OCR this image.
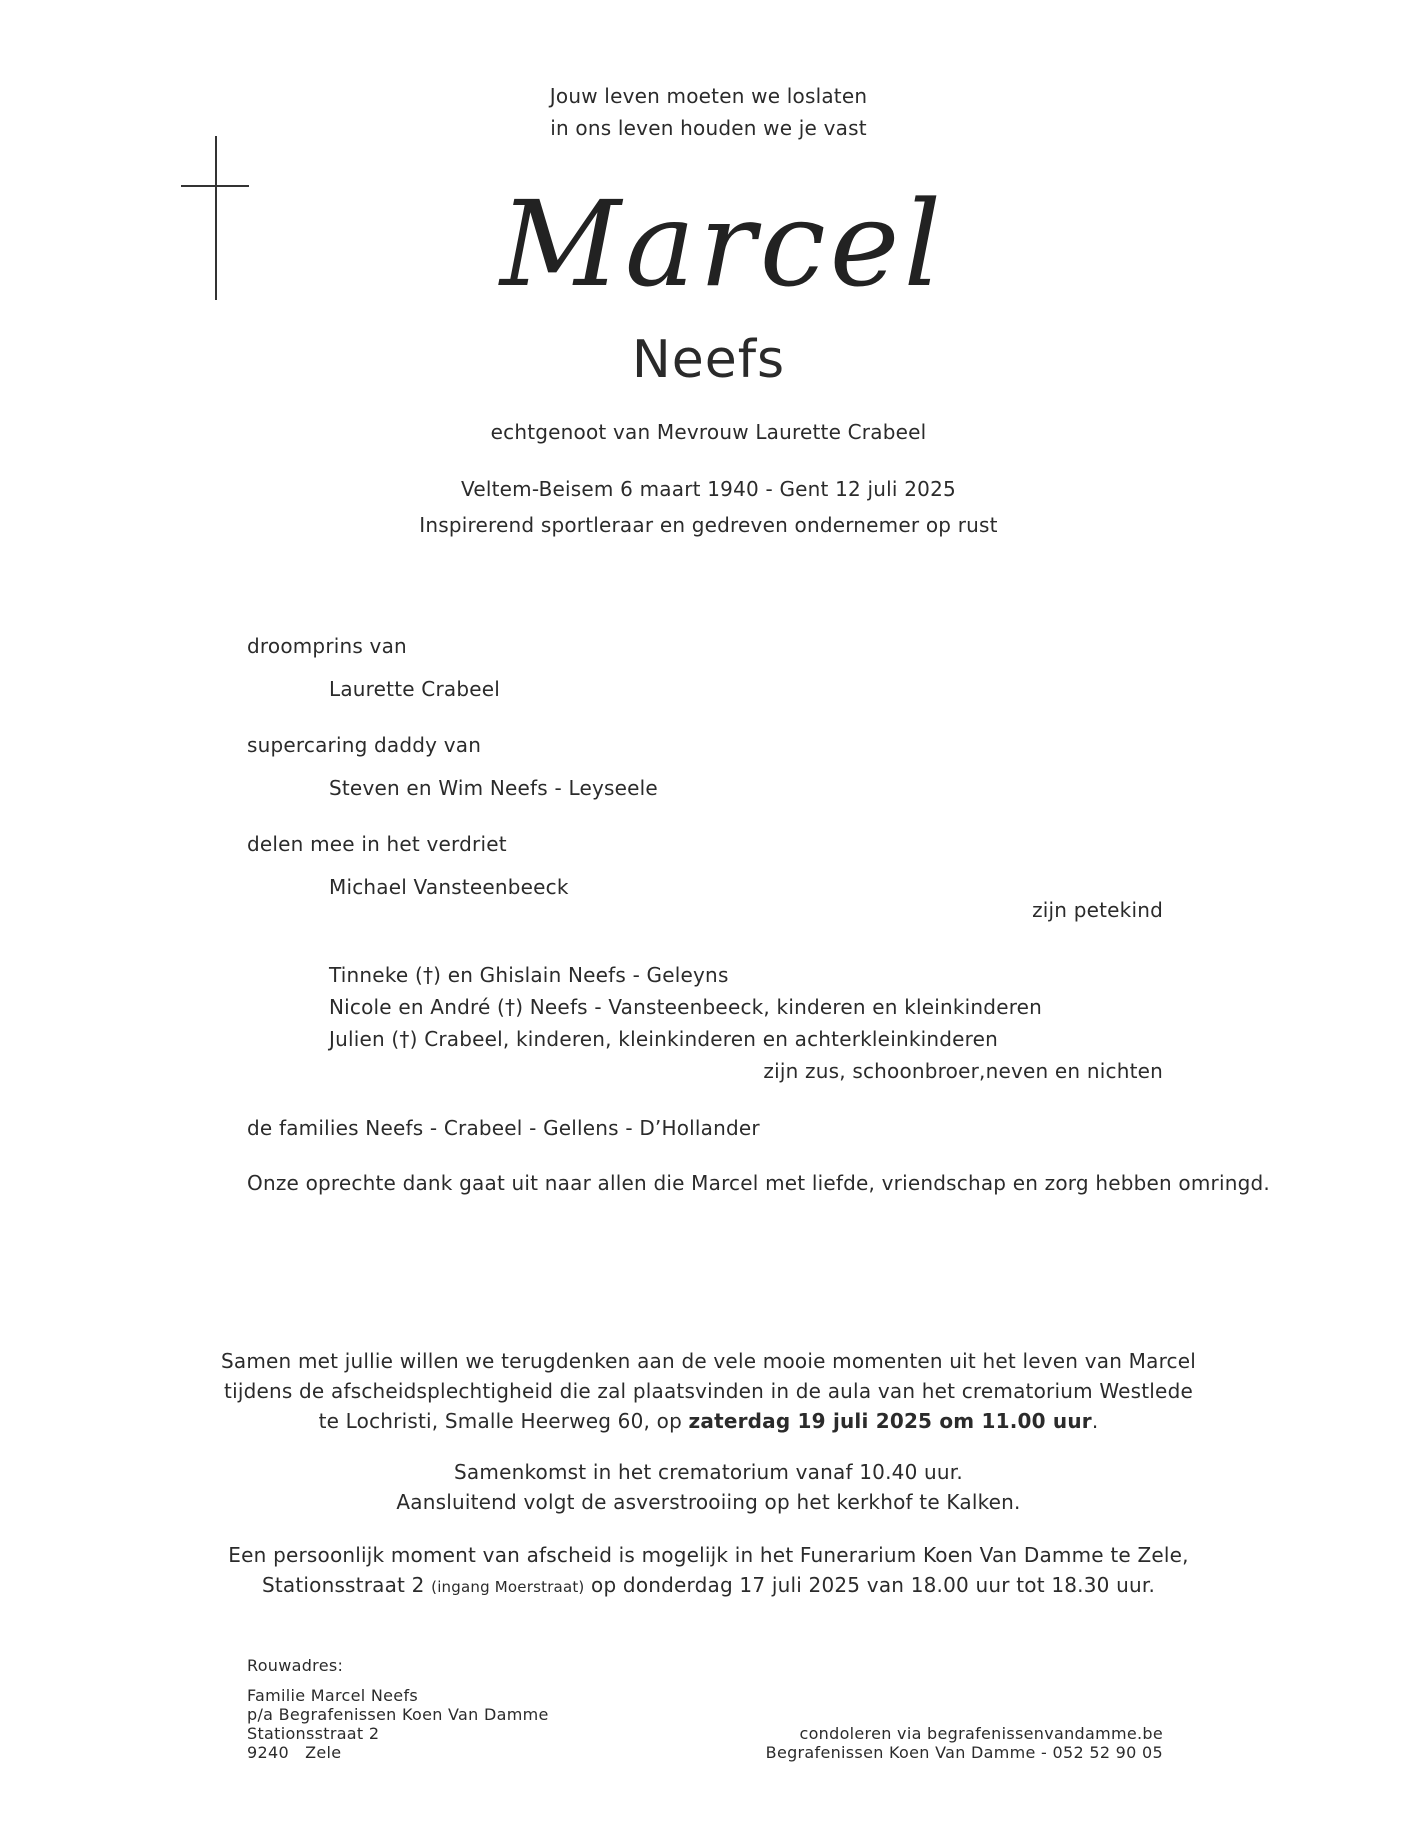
Jouw leven moeten we loslaten
in ons leven houden we je vast
Marcel
Neefs
echtgenoot van Mevrouw Laurette Crabeel
Veltem-Beisem 6 maart 1940 - Gent 12 juli 2025
Inspirerend sportleraar en gedreven ondernemer op rust
droomprins van
Laurette Crabeel
supercaring daddy van
Steven en Wim Neefs - Leyseele
delen mee in het verdriet
Michael Vansteenbeeck
zijn petekind
Tinneke (†) en Ghislain Neefs - Geleyns
Nicole en André (†) Neefs - Vansteenbeeck, kinderen en kleinkinderen
Julien (†) Crabeel, kinderen, kleinkinderen en achterkleinkinderen
zijn zus, schoonbroer,neven en nichten
de families Neefs - Crabeel - Gellens - D’Hollander
Onze oprechte dank gaat uit naar allen die Marcel met liefde, vriendschap en zorg hebben omringd.
Samen met jullie willen we terugdenken aan de vele mooie momenten uit het leven van Marcel
tijdens de afscheidsplechtigheid die zal plaatsvinden in de aula van het crematorium Westlede
te Lochristi, Smalle Heerweg 60, op zaterdag 19 juli 2025 om 11.00 uur.
Samenkomst in het crematorium vanaf 10.40 uur.
Aansluitend volgt de asverstrooiing op het kerkhof te Kalken.
Een persoonlijk moment van afscheid is mogelijk in het Funerarium Koen Van Damme te Zele,
Stationsstraat 2 (ingang Moerstraat) op donderdag 17 juli 2025 van 18.00 uur tot 18.30 uur.
Rouwadres:
Familie Marcel Neefs
p/a Begrafenissen Koen Van Damme
Stationsstraat 2
9240   Zele
condoleren via begrafenissenvandamme.be
Begrafenissen Koen Van Damme - 052 52 90 05
